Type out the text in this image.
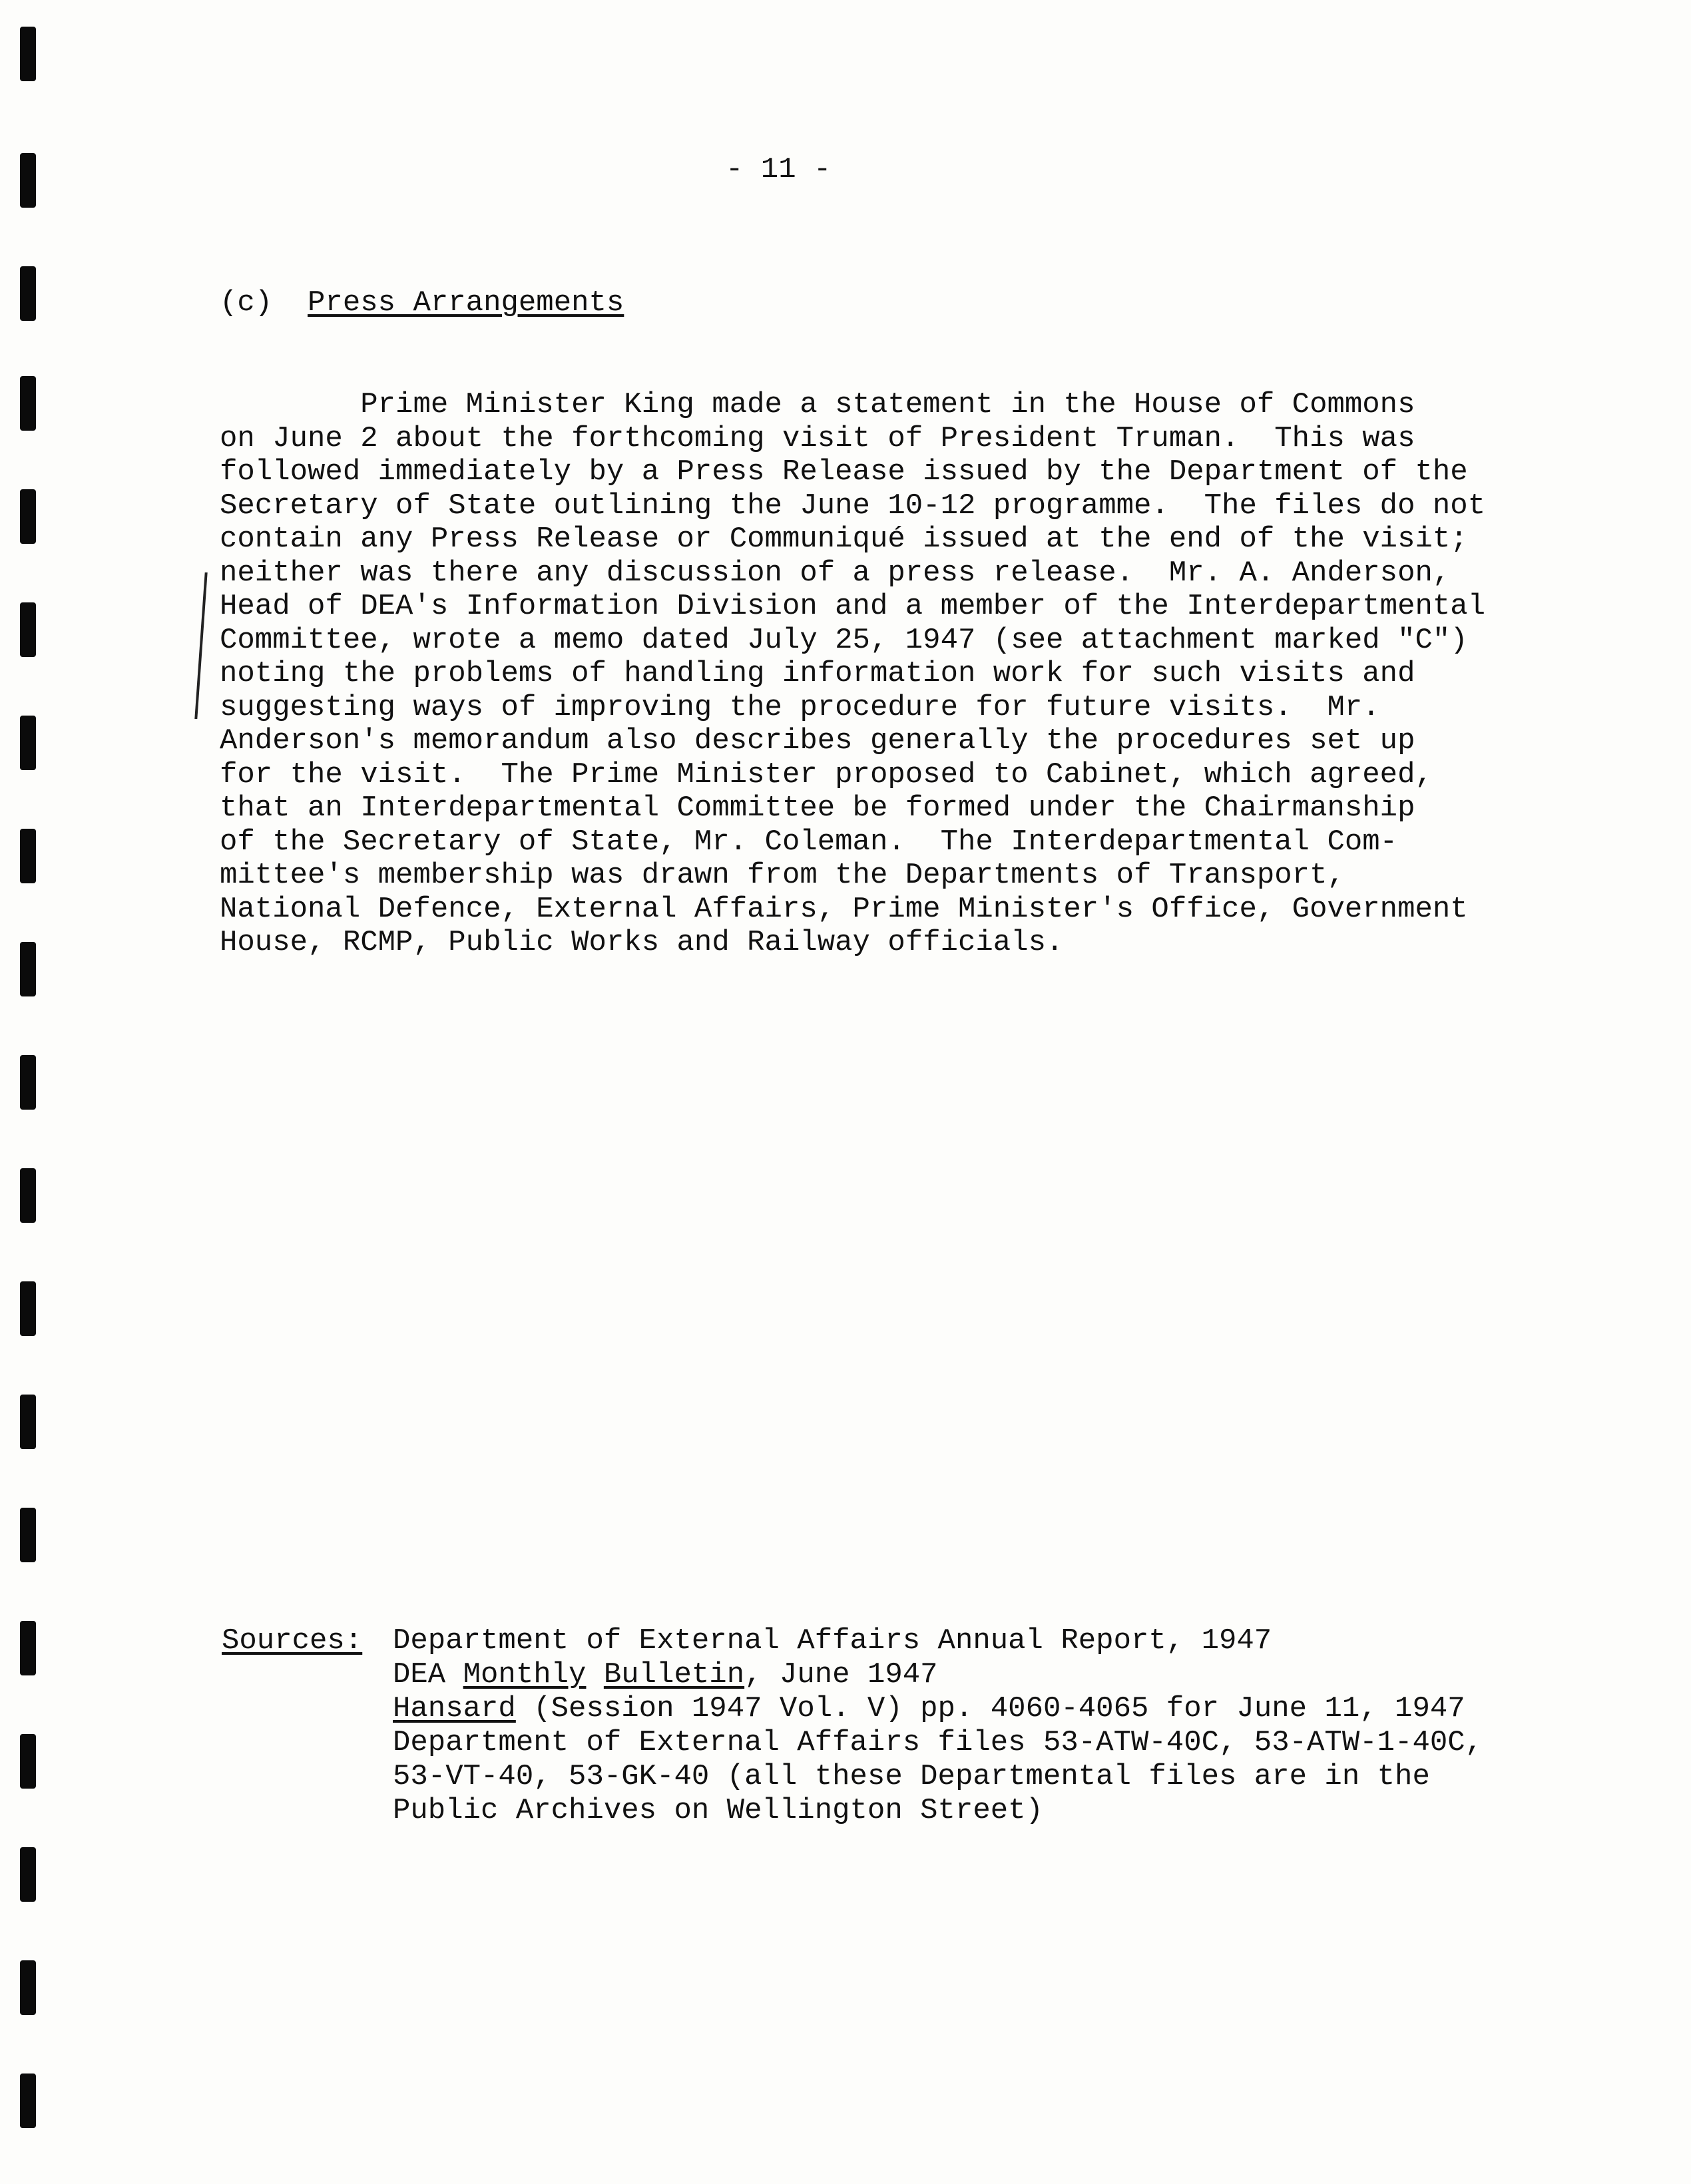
- 11 -
(c) Press Arrangements
Prime Minister King made a statement in the House of Commons
on June 2 about the forthcoming visit of President Truman.  This was
followed immediately by a Press Release issued by the Department of the
Secretary of State outlining the June 10-12 programme.  The files do not
contain any Press Release or Communiqué issued at the end of the visit;
neither was there any discussion of a press release.  Mr. A. Anderson,
Head of DEA's Information Division and a member of the Interdepartmental
Committee, wrote a memo dated July 25, 1947 (see attachment marked "C")
noting the problems of handling information work for such visits and
suggesting ways of improving the procedure for future visits.  Mr.
Anderson's memorandum also describes generally the procedures set up
for the visit.  The Prime Minister proposed to Cabinet, which agreed,
that an Interdepartmental Committee be formed under the Chairmanship
of the Secretary of State, Mr. Coleman.  The Interdepartmental Com-
mittee's membership was drawn from the Departments of Transport,
National Defence, External Affairs, Prime Minister's Office, Government
House, RCMP, Public Works and Railway officials.
Sources: Department of External Affairs Annual Report, 1947
DEA Monthly Bulletin, June 1947
Hansard (Session 1947 Vol. V) pp. 4060-4065 for June 11, 1947
Department of External Affairs files 53-ATW-40C, 53-ATW-1-40C,
53-VT-40, 53-GK-40 (all these Departmental files are in the
Public Archives on Wellington Street)
